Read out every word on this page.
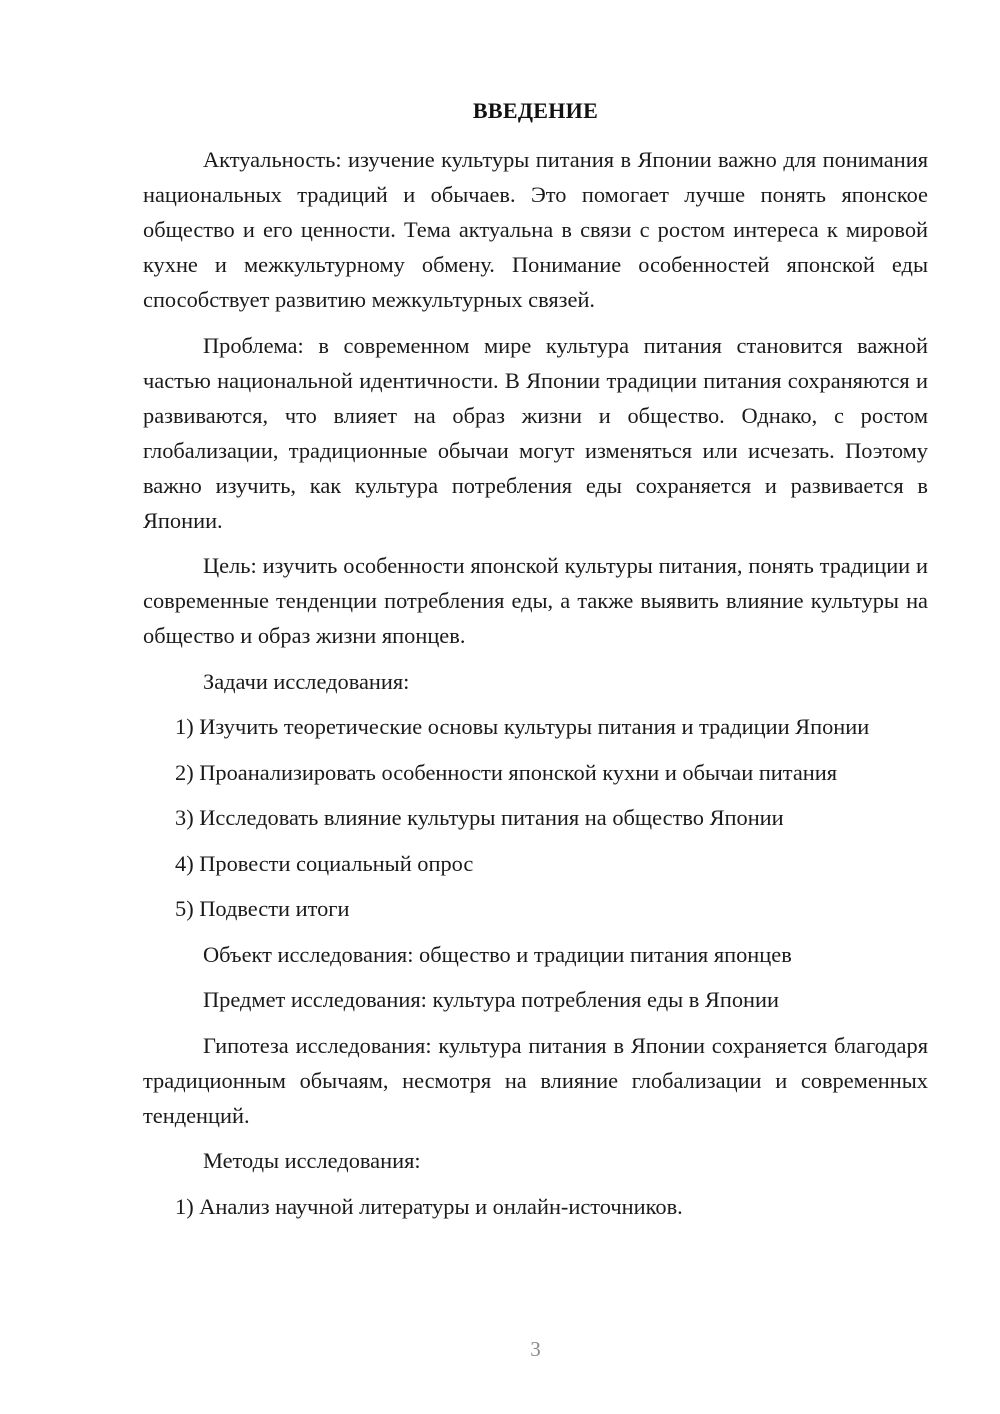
ВВЕДЕНИЕ

Актуальность: изучение культуры питания в Японии важно для понимания национальных традиций и обычаев. Это помогает лучше понять японское общество и его ценности. Тема актуальна в связи с ростом интереса к мировой кухне и межкультурному обмену. Понимание особенностей японской еды способствует развитию межкультурных связей.

Проблема: в современном мире культура питания становится важной частью национальной идентичности. В Японии традиции питания сохраняются и развиваются, что влияет на образ жизни и общество. Однако, с ростом глобализации, традиционные обычаи могут изменяться или исчезать. Поэтому важно изучить, как культура потребления еды сохраняется и развивается в Японии.

Цель: изучить особенности японской культуры питания, понять традиции и современные тенденции потребления еды, а также выявить влияние культуры на общество и образ жизни японцев.

Задачи исследования:

1) Изучить теоретические основы культуры питания и традиции Японии

2) Проанализировать особенности японской кухни и обычаи питания

3) Исследовать влияние культуры питания на общество Японии

4) Провести социальный опрос

5) Подвести итоги

Объект исследования: общество и традиции питания японцев

Предмет исследования: культура потребления еды в Японии

Гипотеза исследования: культура питания в Японии сохраняется благодаря традиционным обычаям, несмотря на влияние глобализации и современных тенденций.

Методы исследования:

1) Анализ научной литературы и онлайн-источников.

3
